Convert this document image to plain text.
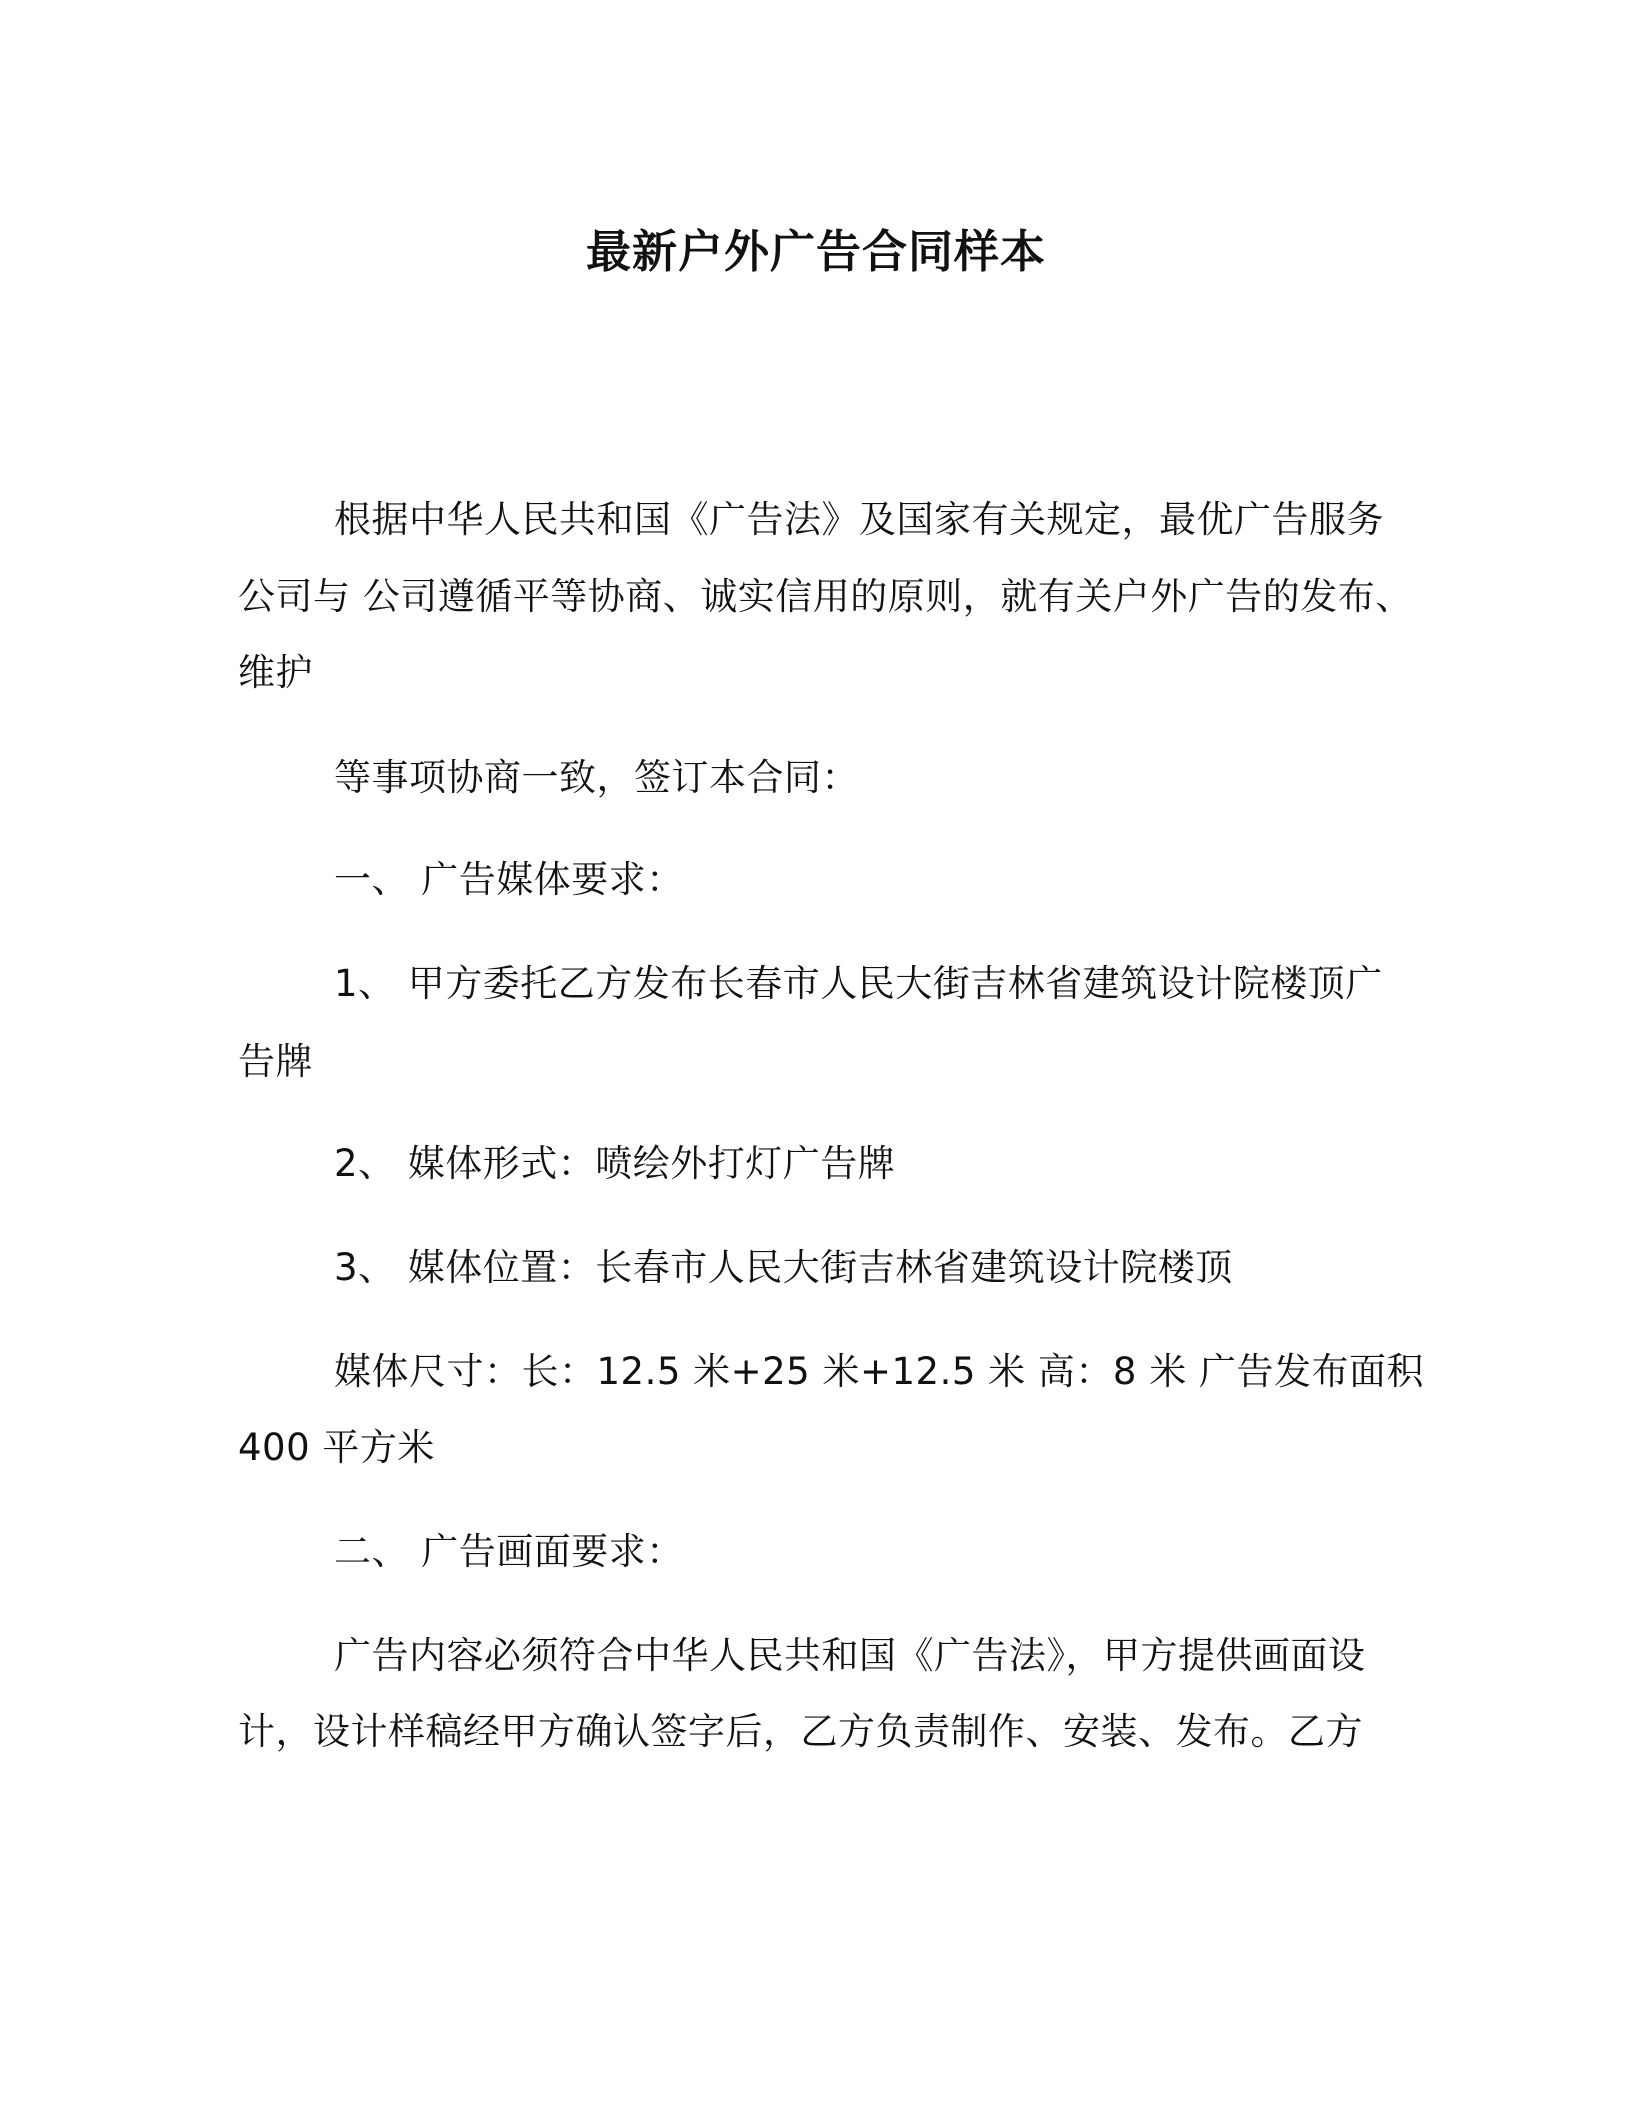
最新户外广告合同样本
根据中华人民共和国《广告法》及国家有关规定，最优广告服务
公司与 公司遵循平等协商、诚实信用的原则，就有关户外广告的发布、
维护
等事项协商一致，签订本合同：
一、 广告媒体要求：
1、 甲方委托乙方发布长春市人民大街吉林省建筑设计院楼顶广
告牌
2、 媒体形式：喷绘外打灯广告牌
3、 媒体位置：长春市人民大街吉林省建筑设计院楼顶
媒体尺寸：长：12.5 米+25 米+12.5 米 高：8 米 广告发布面积
400 平方米
二、 广告画面要求：
广告内容必须符合中华人民共和国《广告法》，甲方提供画面设
计，设计样稿经甲方确认签字后，乙方负责制作、安装、发布。乙方
